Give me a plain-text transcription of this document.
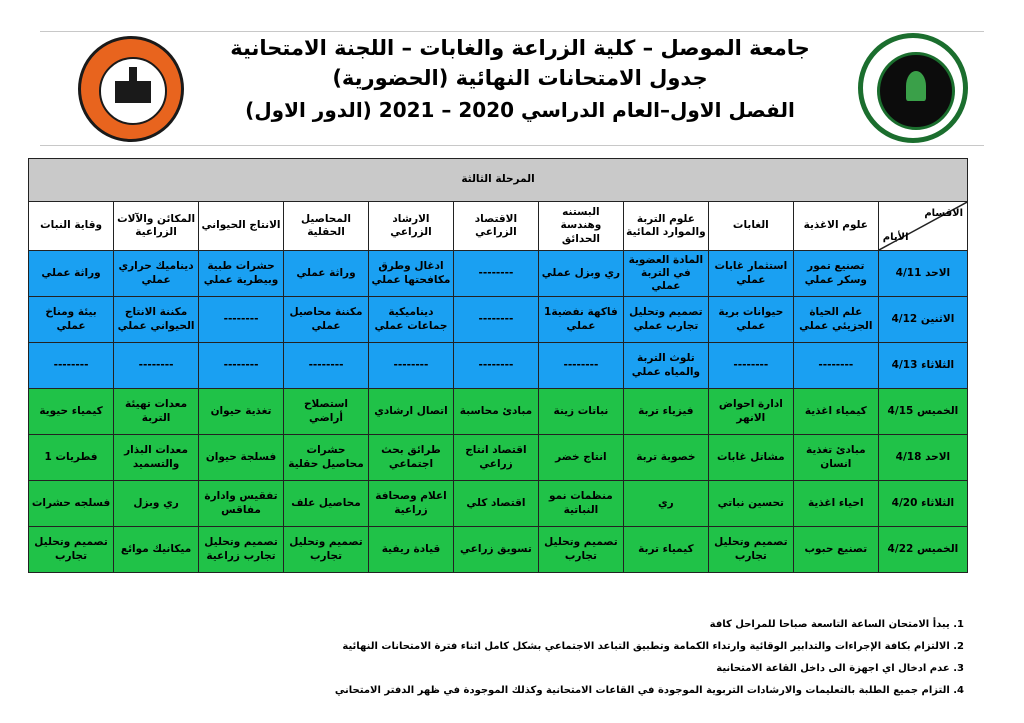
جامعة الموصل – كلية الزراعة والغابات – اللجنة الامتحانية
جدول الامتحانات النهائية (الحضورية)
الفصل الاول–العام الدراسي 2020 – 2021 (الدور الاول)
المرحلة الثالثة										

الاقسام
الأيام	علوم الاغذية	الغابات	علوم التربة والموارد المائية	البستنه وهندسة الحدائق	الاقتصاد الزراعي	الارشاد الزراعي	المحاصيل الحقلية	الانتاج الحيواني	المكائن والآلات الزراعية	وقاية النبات
الاحد 4/11	تصنيع تمور وسكر عملي	استثمار غابات عملي	المادة العضوية في التربة عملي	ري وبزل عملي	--------	ادغال وطرق مكافحتها عملي	وراثة عملي	حشرات طبية وبيطرية عملي	ديناميك حراري عملي	وراثة عملي
الاثنين 4/12	علم الحياة الجزيئي عملي	حيوانات برية عملي	تصميم وتحليل تجارب عملي	فاكهة نفضية1 عملي	--------	ديناميكية جماعات عملي	مكننة محاصيل عملي	--------	مكننة الانتاج الحيواني عملي	بيئة ومناخ عملي
الثلاثاء 4/13	--------	--------	تلوث التربة والمياه عملي	--------	--------	--------	--------	--------	--------	--------
الخميس 4/15	كيمياء اغذية	ادارة احواض الانهر	فيزياء تربة	نباتات زينة	مبادئ محاسبة	اتصال ارشادي	استصلاح أراضي	تغذية حيوان	معدات تهيئة التربة	كيمياء حيوية
الاحد 4/18	مبادئ تغذية انسان	مشاتل غابات	خصوبة تربة	انتاج خضر	اقتصاد انتاج زراعي	طرائق بحث اجتماعي	حشرات محاصيل حقلية	فسلجة حيوان	معدات البذار والتسميد	فطريات 1
الثلاثاء 4/20	احياء اغذية	تحسين نباتي	ري	منظمات نمو النباتية	اقتصاد كلي	اعلام وصحافة زراعية	محاصيل علف	تفقيس وادارة مفاقس	ري وبزل	فسلجه حشرات
الخميس 4/22	تصنيع حبوب	تصميم وتحليل تجارب	كيمياء تربة	تصميم وتحليل تجارب	تسويق زراعي	قيادة ريفية	تصميم وتحليل تجارب	تصميم وتحليل تجارب زراعية	ميكانيك موائع	تصميم وتحليل تجارب
1. يبدأ الامتحان الساعة التاسعة صباحا للمراحل كافة
2. الالتزام بكافة الإجراءات والتدابير الوقائية وارتداء الكمامة وتطبيق التباعد الاجتماعي بشكل كامل اثناء فترة الامتحانات النهائية
3. عدم ادخال اي اجهزة الى داخل القاعة الامتحانية
4. التزام جميع الطلبة بالتعليمات والارشادات التربوية الموجودة في القاعات الامتحانية وكذلك الموجودة في ظهر الدفتر الامتحاني
